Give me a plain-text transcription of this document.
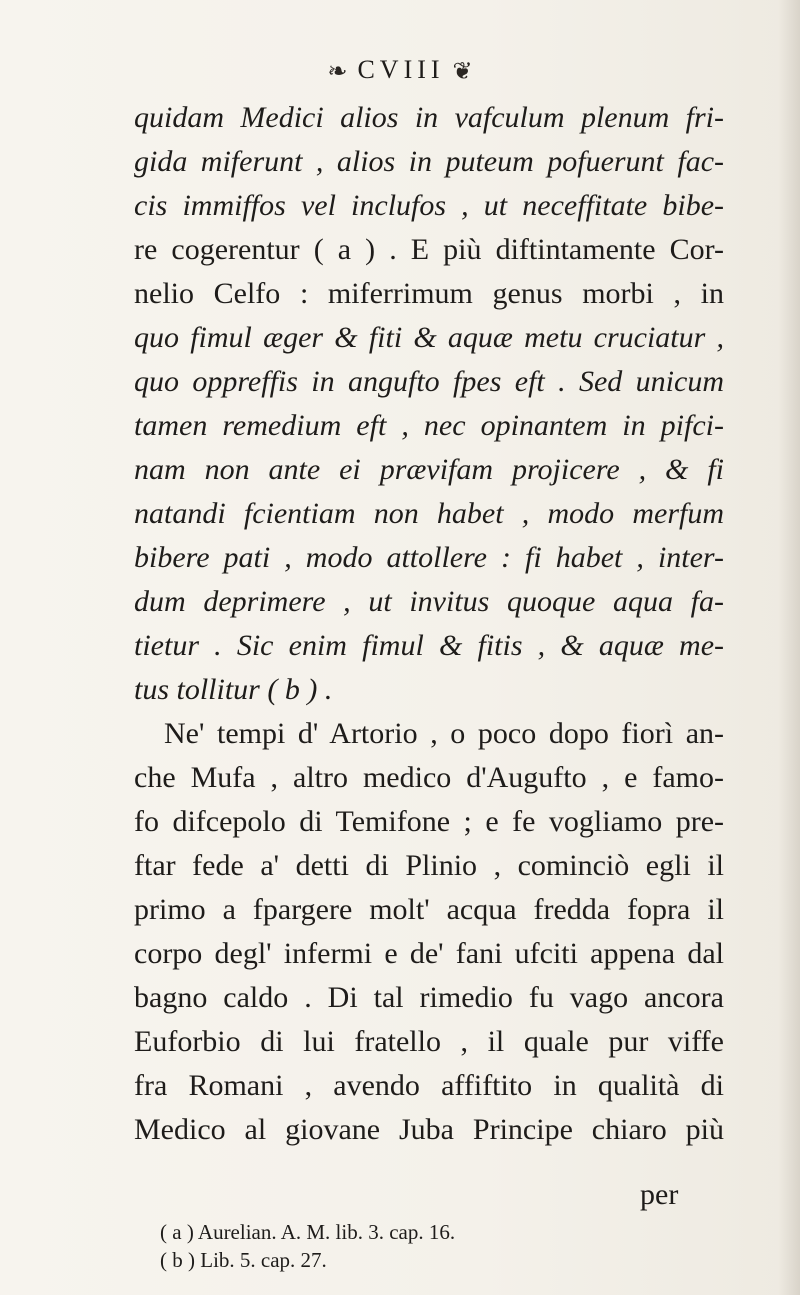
❧ CVIII ❦
quidam Medici alios in vafculum plenum fri-
gida miferunt , alios in puteum pofuerunt fac-
cis immiffos vel inclufos , ut neceffitate bibe-
re cogerentur ( a ) . E più diftintamente Cor-
nelio Celfo : miferrimum genus morbi , in
quo fimul æger & fiti & aquæ metu cruciatur ,
quo oppreffis in angufto fpes eft . Sed unicum
tamen remedium eft , nec opinantem in pifci-
nam non ante ei prævifam projicere , & fi
natandi fcientiam non habet , modo merfum
bibere pati , modo attollere : fi habet , inter-
dum deprimere , ut invitus quoque aqua fa-
tietur . Sic enim fimul & fitis , & aquæ me-
tus tollitur ( b ) .
Ne' tempi d' Artorio , o poco dopo fiorì an-
che Mufa , altro medico d'Augufto , e famo-
fo difcepolo di Temifone ; e fe vogliamo pre-
ftar fede a' detti di Plinio , cominciò egli il
primo a fpargere molt' acqua fredda fopra il
corpo degl' infermi e de' fani ufciti appena dal
bagno caldo . Di tal rimedio fu vago ancora
Euforbio di lui fratello , il quale pur viffe
fra Romani , avendo affiftito in qualità di
Medico al giovane Juba Principe chiaro più
per
( a ) Aurelian. A. M. lib. 3. cap. 16.
( b ) Lib. 5. cap. 27.
